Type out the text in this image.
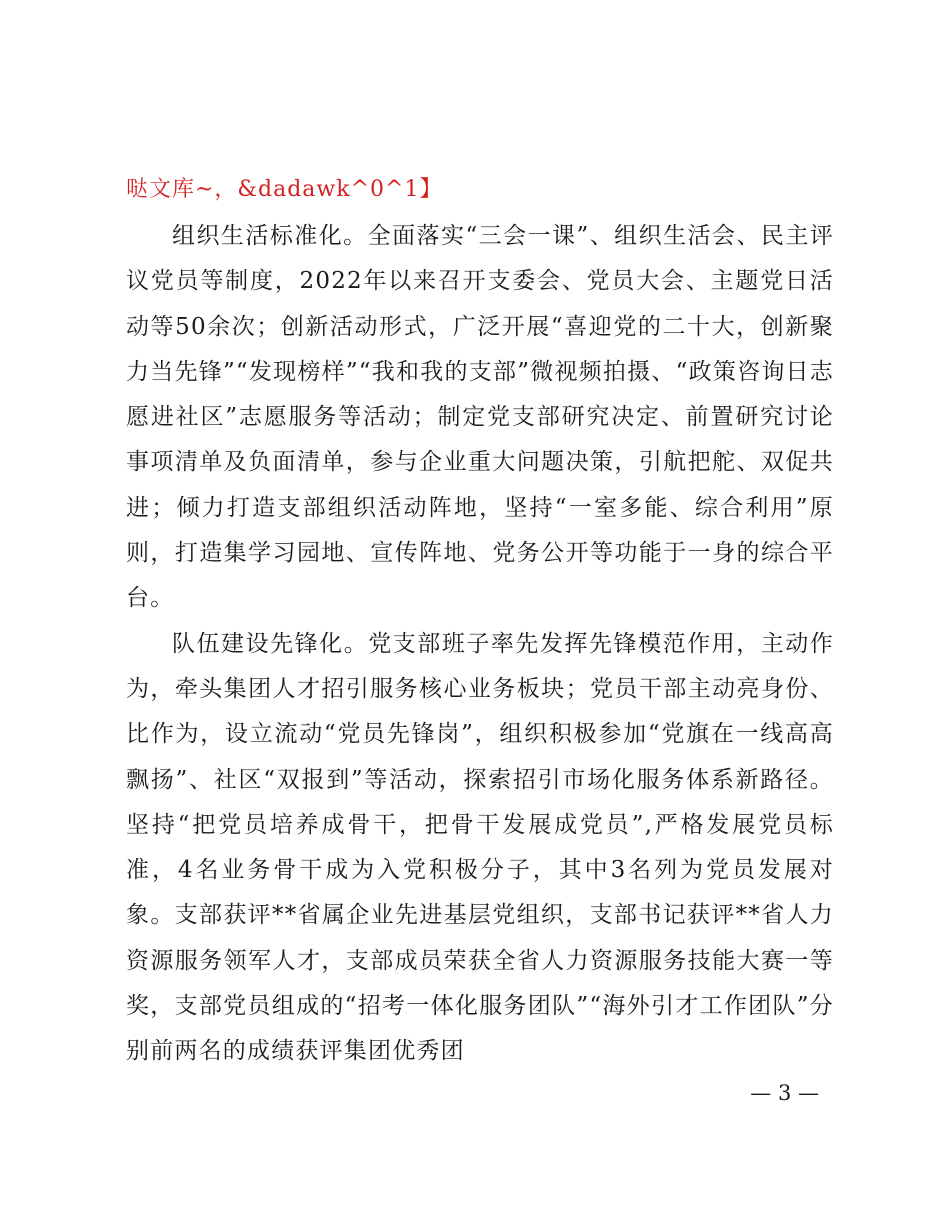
哒文库~，&dadawk^0^1】

组织生活标准化。全面落实“三会一课”、组织生活会、民主评议党员等制度，2022年以来召开支委会、党员大会、主题党日活动等50余次；创新活动形式，广泛开展“喜迎党的二十大，创新聚力当先锋”“发现榜样”“我和我的支部”微视频拍摄、“政策咨询日志愿进社区”志愿服务等活动；制定党支部研究决定、前置研究讨论事项清单及负面清单，参与企业重大问题决策，引航把舵、双促共进；倾力打造支部组织活动阵地，坚持“一室多能、综合利用”原则，打造集学习园地、宣传阵地、党务公开等功能于一身的综合平台。

队伍建设先锋化。党支部班子率先发挥先锋模范作用，主动作为，牵头集团人才招引服务核心业务板块；党员干部主动亮身份、比作为，设立流动“党员先锋岗”，组织积极参加“党旗在一线高高飘扬”、社区“双报到”等活动，探索招引市场化服务体系新路径。坚持“把党员培养成骨干，把骨干发展成党员”,严格发展党员标准，4名业务骨干成为入党积极分子，其中3名列为党员发展对象。支部获评**省属企业先进基层党组织，支部书记获评**省人力资源服务领军人才，支部成员荣获全省人力资源服务技能大赛一等奖，支部党员组成的“招考一体化服务团队”“海外引才工作团队”分别前两名的成绩获评集团优秀团

— 3 —
